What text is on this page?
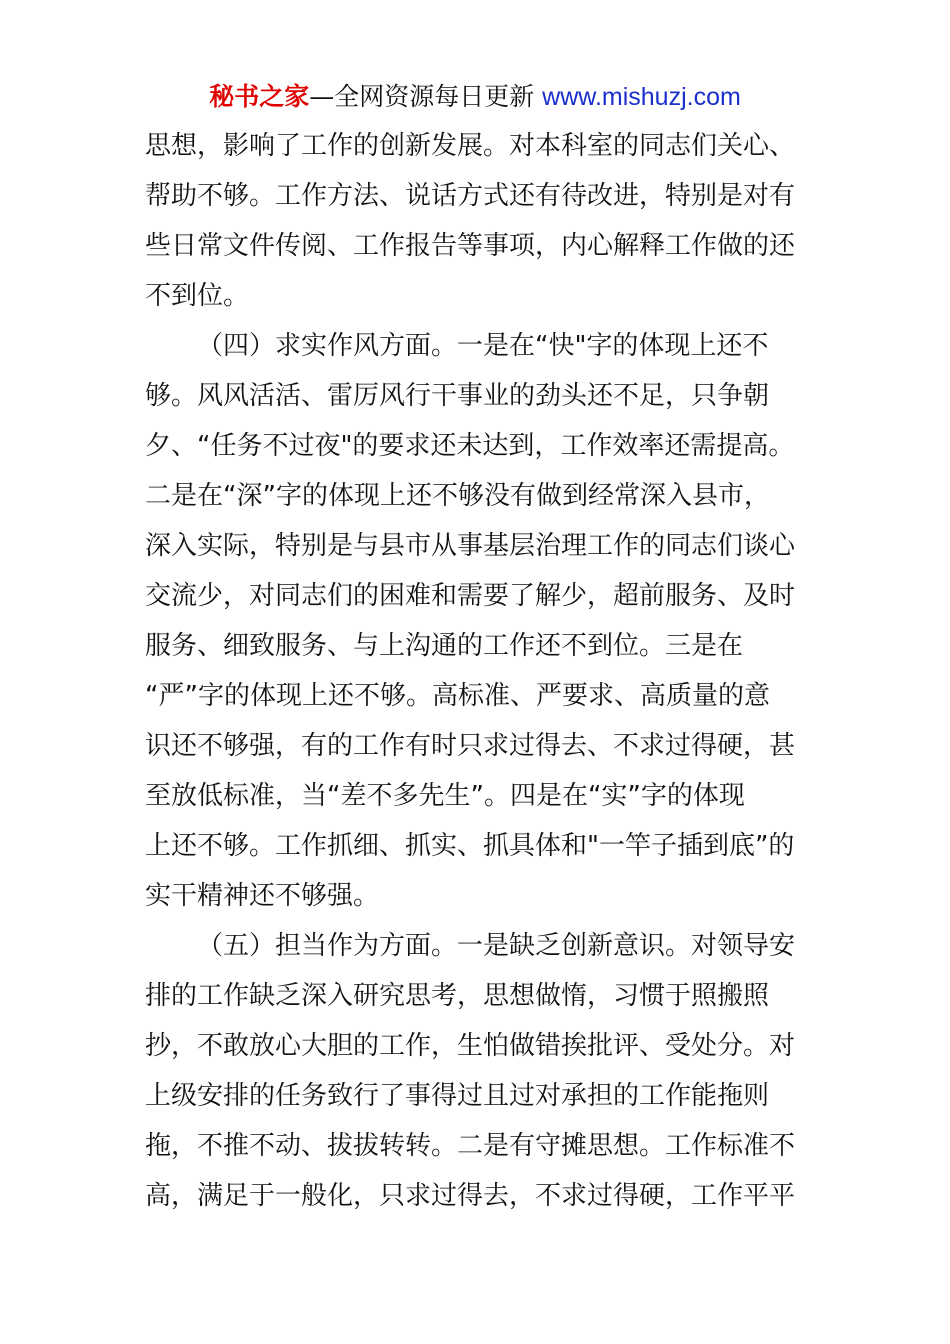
秘书之家—全网资源每日更新 www.mishuzj.com
思想，影响了工作的创新发展。对本科室的同志们关心、
帮助不够。工作方法、说话方式还有待改进，特别是对有
些日常文件传阅、工作报告等事项，内心解释工作做的还
不到位。
（四）求实作风方面。一是在“快"字的体现上还不
够。风风活活、雷厉风行干事业的劲头还不足，只争朝
夕、“任务不过夜"的要求还未达到，工作效率还需提高。
二是在“深”字的体现上还不够没有做到经常深入县市，
深入实际，特别是与县市从事基层治理工作的同志们谈心
交流少，对同志们的困难和需要了解少，超前服务、及时
服务、细致服务、与上沟通的工作还不到位。三是在
“严”字的体现上还不够。高标准、严要求、高质量的意
识还不够强，有的工作有时只求过得去、不求过得硬，甚
至放低标准，当“差不多先生”。四是在“实”字的体现
上还不够。工作抓细、抓实、抓具体和"一竿子插到底”的
实干精神还不够强。
（五）担当作为方面。一是缺乏创新意识。对领导安
排的工作缺乏深入研究思考，思想做惰，习惯于照搬照
抄，不敢放心大胆的工作，生怕做错挨批评、受处分。对
上级安排的任务致行了事得过且过对承担的工作能拖则
拖，不推不动、拔拔转转。二是有守摊思想。工作标准不
高，满足于一般化，只求过得去，不求过得硬，工作平平
